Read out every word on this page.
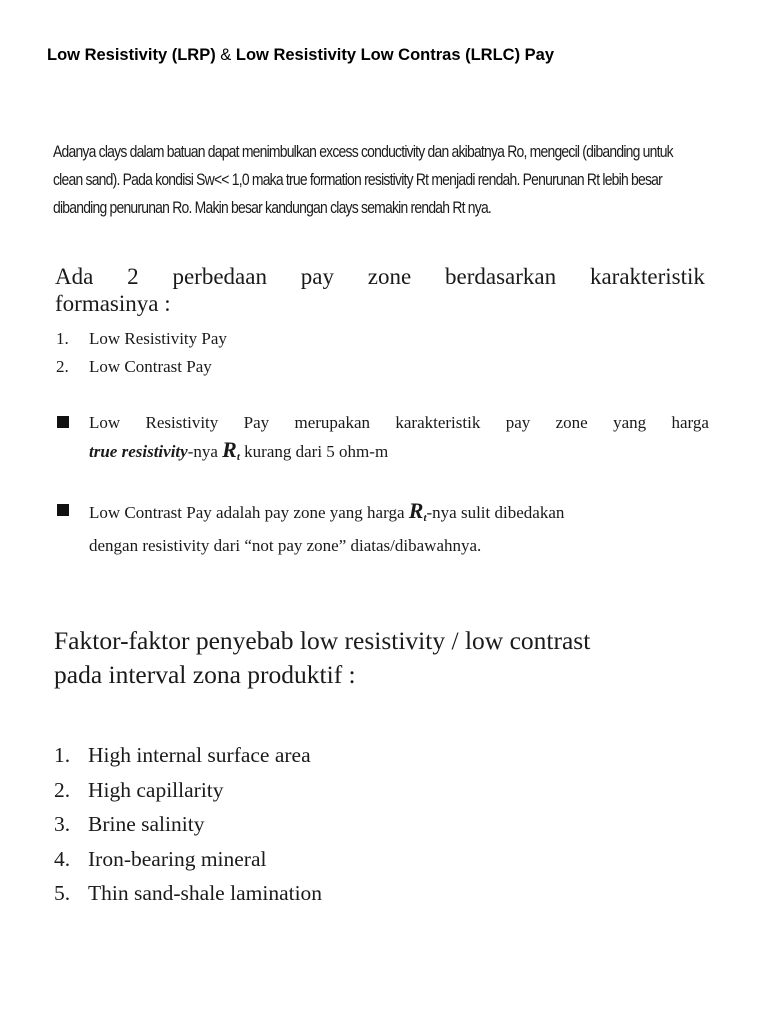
Low Resistivity (LRP) & Low Resistivity Low Contras (LRLC) Pay
Adanya clays dalam batuan dapat menimbulkan excess conductivity dan akibatnya Ro, mengecil (dibanding untuk
clean sand). Pada kondisi Sw<< 1,0 maka true formation resistivity Rt menjadi rendah. Penurunan Rt lebih besar
dibanding penurunan Ro. Makin besar kandungan clays semakin rendah Rt nya.
Ada 2 perbedaan pay zone berdasarkan karakteristik
formasinya :
1. Low Resistivity Pay
2. Low Contrast Pay
Low Resistivity Pay merupakan karakteristik pay zone yang harga
true resistivity-nya Rt kurang dari 5 ohm-m
Low Contrast Pay adalah pay zone yang harga Rt-nya sulit dibedakan
dengan resistivity dari “not pay zone” diatas/dibawahnya.
Faktor-faktor penyebab low resistivity / low contrast
pada interval zona produktif :
1. High internal surface area
2. High capillarity
3. Brine salinity
4. Iron-bearing mineral
5. Thin sand-shale lamination
